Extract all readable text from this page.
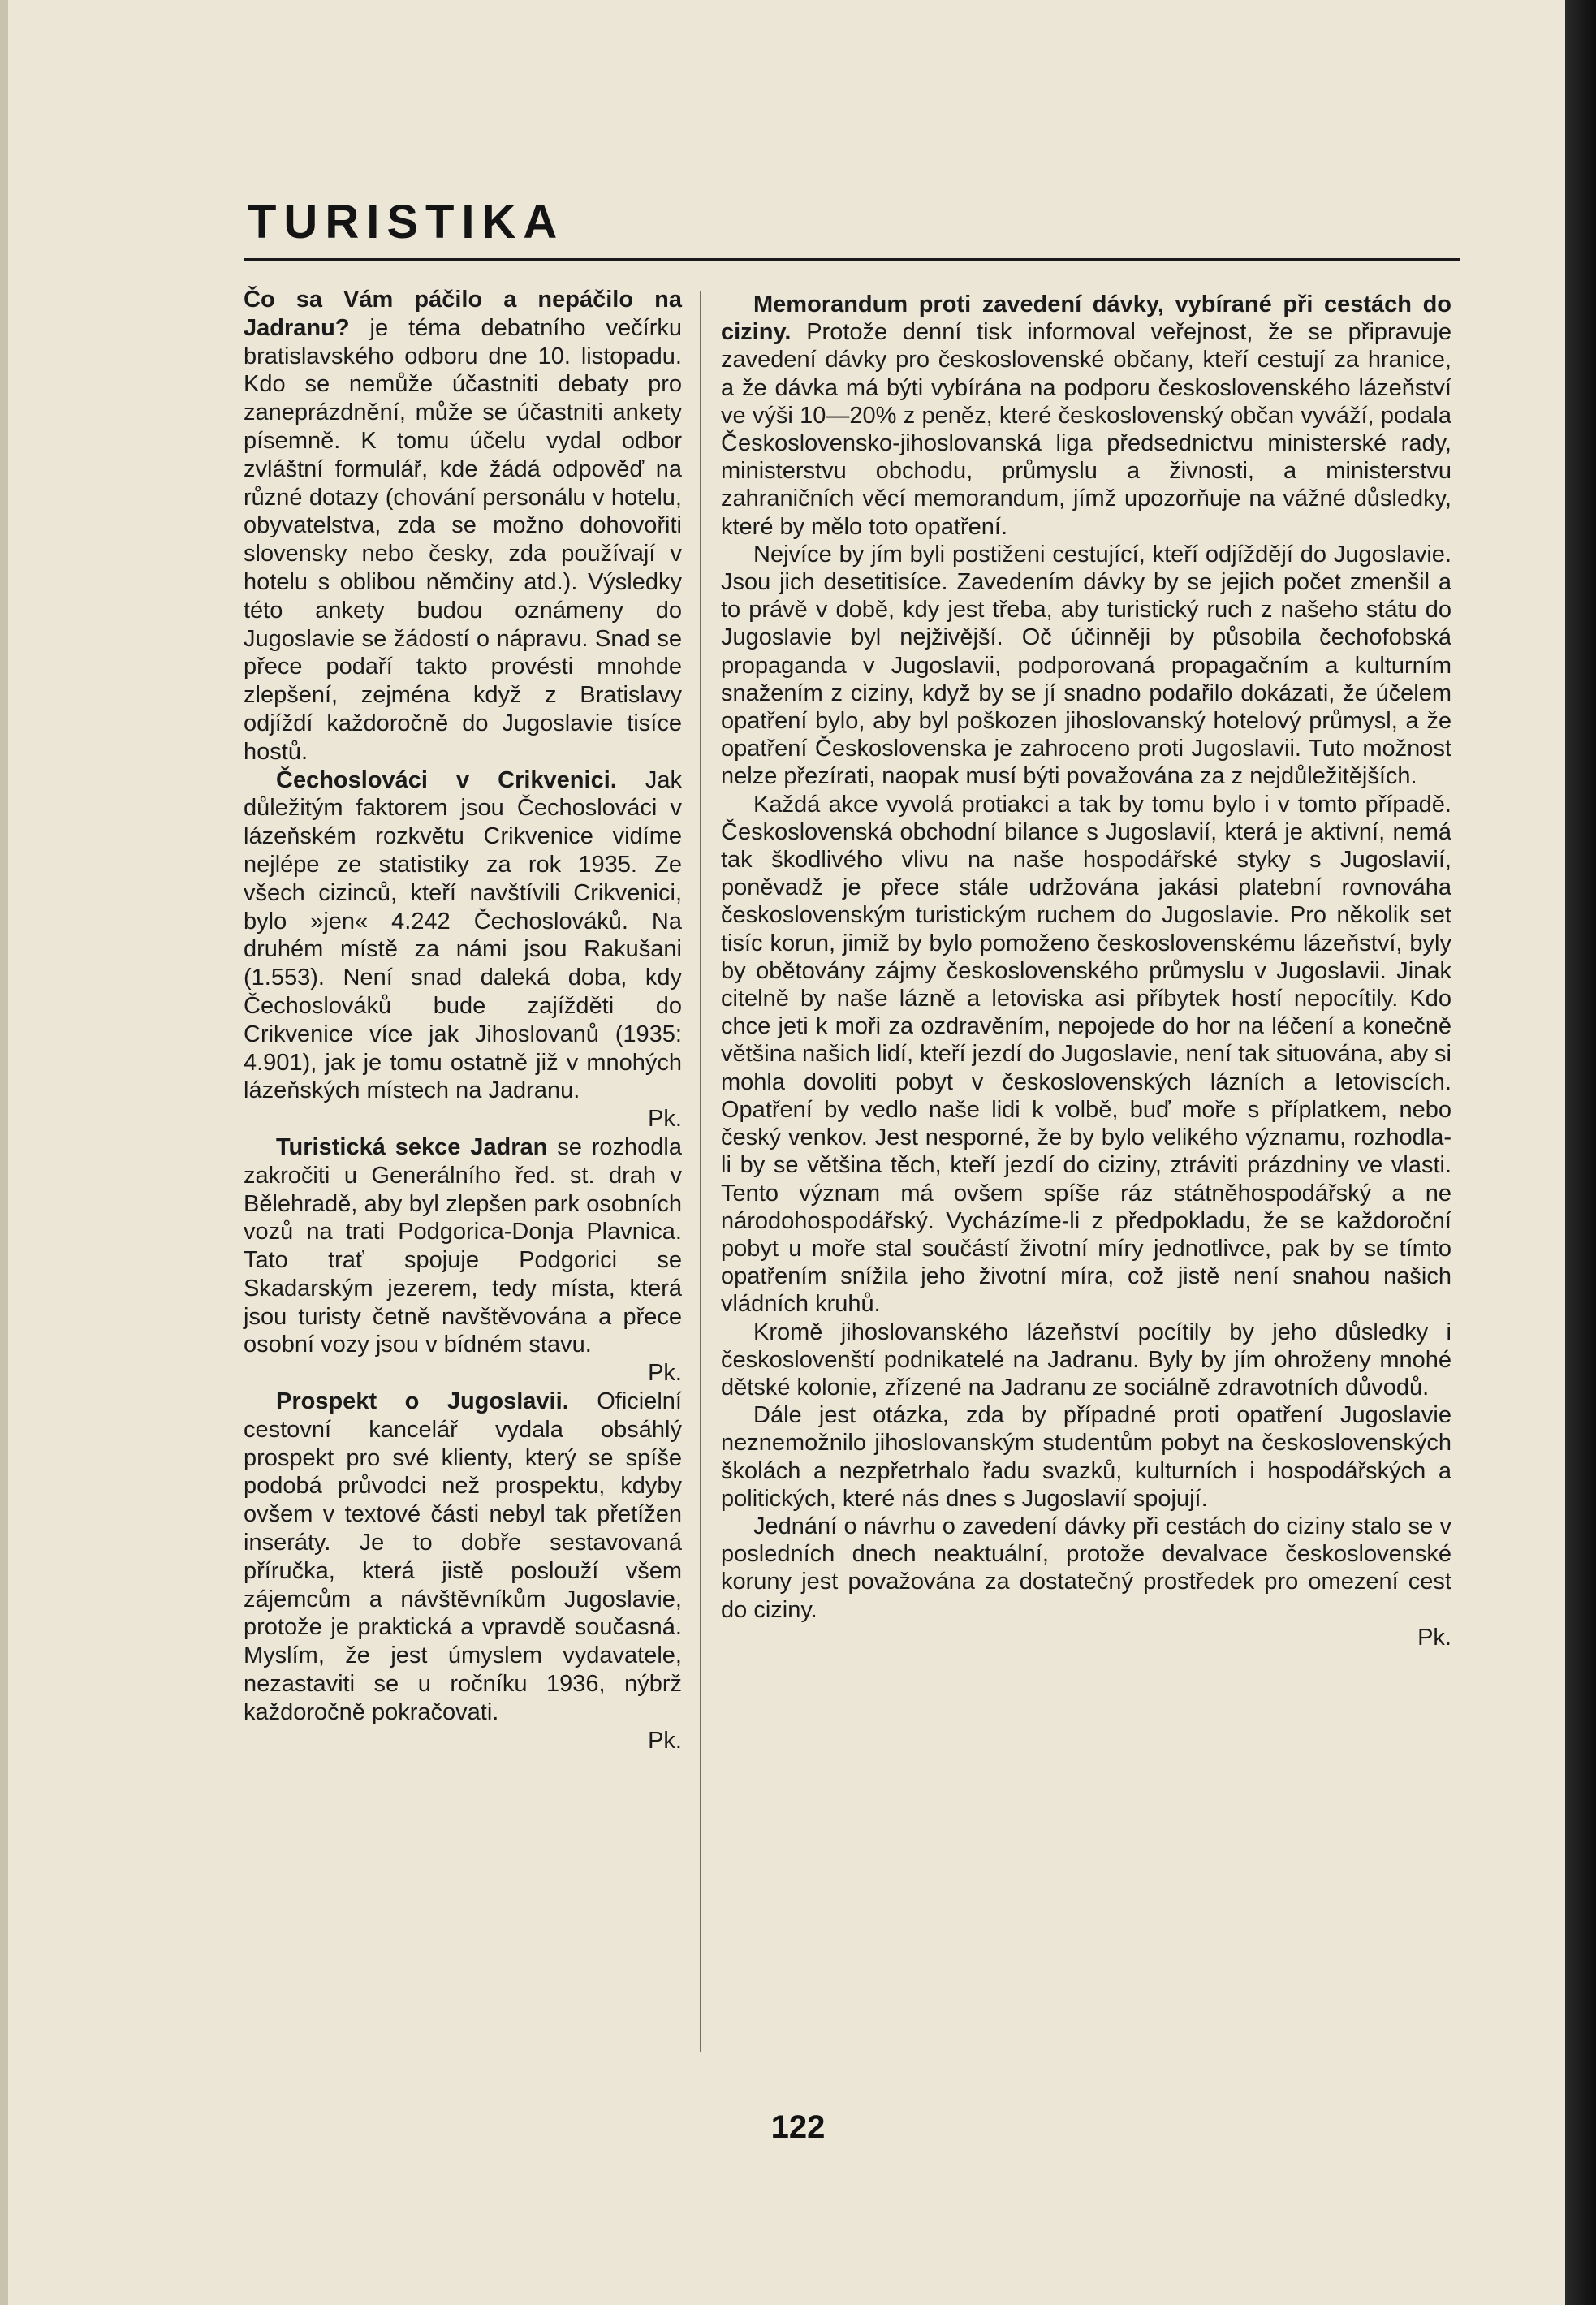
TURISTIKA

Čo sa Vám páčilo a nepáčilo na Jadranu? je téma debatního večírku bratislavského odboru dne 10. listopadu. Kdo se nemůže účastniti debaty pro zaneprázdnění, může se účastniti ankety písemně. K tomu účelu vydal odbor zvláštní formulář, kde žádá odpověď na různé dotazy (chování personálu v hotelu, obyvatelstva, zda se možno dohovořiti slovensky nebo česky, zda používají v hotelu s oblibou němčiny atd.). Výsledky této ankety budou oznámeny do Jugoslavie se žádostí o nápravu. Snad se přece podaří takto provésti mnohde zlepšení, zejména když z Bratislavy odjíždí každoročně do Jugoslavie tisíce hostů.

Čechoslováci v Crikvenici. Jak důležitým faktorem jsou Čechoslováci v lázeňském rozkvětu Crikvenice vidíme nejlépe ze statistiky za rok 1935. Ze všech cizinců, kteří navštívili Crikvenici, bylo »jen« 4.242 Čechoslováků. Na druhém místě za námi jsou Rakušani (1.553). Není snad daleká doba, kdy Čechoslováků bude zajížděti do Crikvenice více jak Jihoslovanů (1935: 4.901), jak je tomu ostatně již v mnohých lázeňských místech na Jadranu.
Pk.

Turistická sekce Jadran se rozhodla zakročiti u Generálního řed. st. drah v Bělehradě, aby byl zlepšen park osobních vozů na trati Podgorica-Donja Plavnica. Tato trať spojuje Podgorici se Skadarským jezerem, tedy místa, která jsou turisty četně navštěvována a přece osobní vozy jsou v bídném stavu.
Pk.

Prospekt o Jugoslavii. Oficielní cestovní kancelář vydala obsáhlý prospekt pro své klienty, který se spíše podobá průvodci než prospektu, kdyby ovšem v textové části nebyl tak přetížen inseráty. Je to dobře sestavovaná příručka, která jistě poslouží všem zájemcům a návštěvníkům Jugoslavie, protože je praktická a vpravdě současná. Myslím, že jest úmyslem vydavatele, nezastaviti se u ročníku 1936, nýbrž každoročně pokračovati.
Pk.

Memorandum proti zavedení dávky, vybírané při cestách do ciziny. Protože denní tisk informoval veřejnost, že se připravuje zavedení dávky pro československé občany, kteří cestují za hranice, a že dávka má býti vybírána na podporu československého lázeňství ve výši 10—20% z peněz, které československý občan vyváží, podala Československo-jihoslovanská liga předsednictvu ministerské rady, ministerstvu obchodu, průmyslu a živnosti, a ministerstvu zahraničních věcí memorandum, jímž upozorňuje na vážné důsledky, které by mělo toto opatření.

Nejvíce by jím byli postiženi cestující, kteří odjíždějí do Jugoslavie. Jsou jich desetitisíce. Zavedením dávky by se jejich počet zmenšil a to právě v době, kdy jest třeba, aby turistický ruch z našeho státu do Jugoslavie byl nejživější. Oč účinněji by působila čechofobská propaganda v Jugoslavii, podporovaná propagačním a kulturním snažením z ciziny, když by se jí snadno podařilo dokázati, že účelem opatření bylo, aby byl poškozen jihoslovanský hotelový průmysl, a že opatření Československa je zahroceno proti Jugoslavii. Tuto možnost nelze přezírati, naopak musí býti považována za z nejdůležitějších.

Každá akce vyvolá protiakci a tak by tomu bylo i v tomto případě. Československá obchodní bilance s Jugoslavií, která je aktivní, nemá tak škodlivého vlivu na naše hospodářské styky s Jugoslavií, poněvadž je přece stále udržována jakási platební rovnováha československým turistickým ruchem do Jugoslavie. Pro několik set tisíc korun, jimiž by bylo pomoženo československému lázeňství, byly by obětovány zájmy československého průmyslu v Jugoslavii. Jinak citelně by naše lázně a letoviska asi příbytek hostí nepocítily. Kdo chce jeti k moři za ozdravěním, nepojede do hor na léčení a konečně většina našich lidí, kteří jezdí do Jugoslavie, není tak situována, aby si mohla dovoliti pobyt v československých lázních a letoviscích. Opatření by vedlo naše lidi k volbě, buď moře s příplatkem, nebo český venkov. Jest nesporné, že by bylo velikého významu, rozhodla-li by se většina těch, kteří jezdí do ciziny, ztráviti prázdniny ve vlasti. Tento význam má ovšem spíše ráz státněhospodářský a ne národohospodářský. Vycházíme-li z předpokladu, že se každoroční pobyt u moře stal součástí životní míry jednotlivce, pak by se tímto opatřením snížila jeho životní míra, což jistě není snahou našich vládních kruhů.

Kromě jihoslovanského lázeňství pocítily by jeho důsledky i českoslovenští podnikatelé na Jadranu. Byly by jím ohroženy mnohé dětské kolonie, zřízené na Jadranu ze sociálně zdravotních důvodů.

Dále jest otázka, zda by případné proti opatření Jugoslavie neznemožnilo jihoslovanským studentům pobyt na československých školách a nezpřetrhalo řadu svazků, kulturních i hospodářských a politických, které nás dnes s Jugoslavií spojují.

Jednání o návrhu o zavedení dávky při cestách do ciziny stalo se v posledních dnech neaktuální, protože devalvace československé koruny jest považována za dostatečný prostředek pro omezení cest do ciziny.
Pk.

122
